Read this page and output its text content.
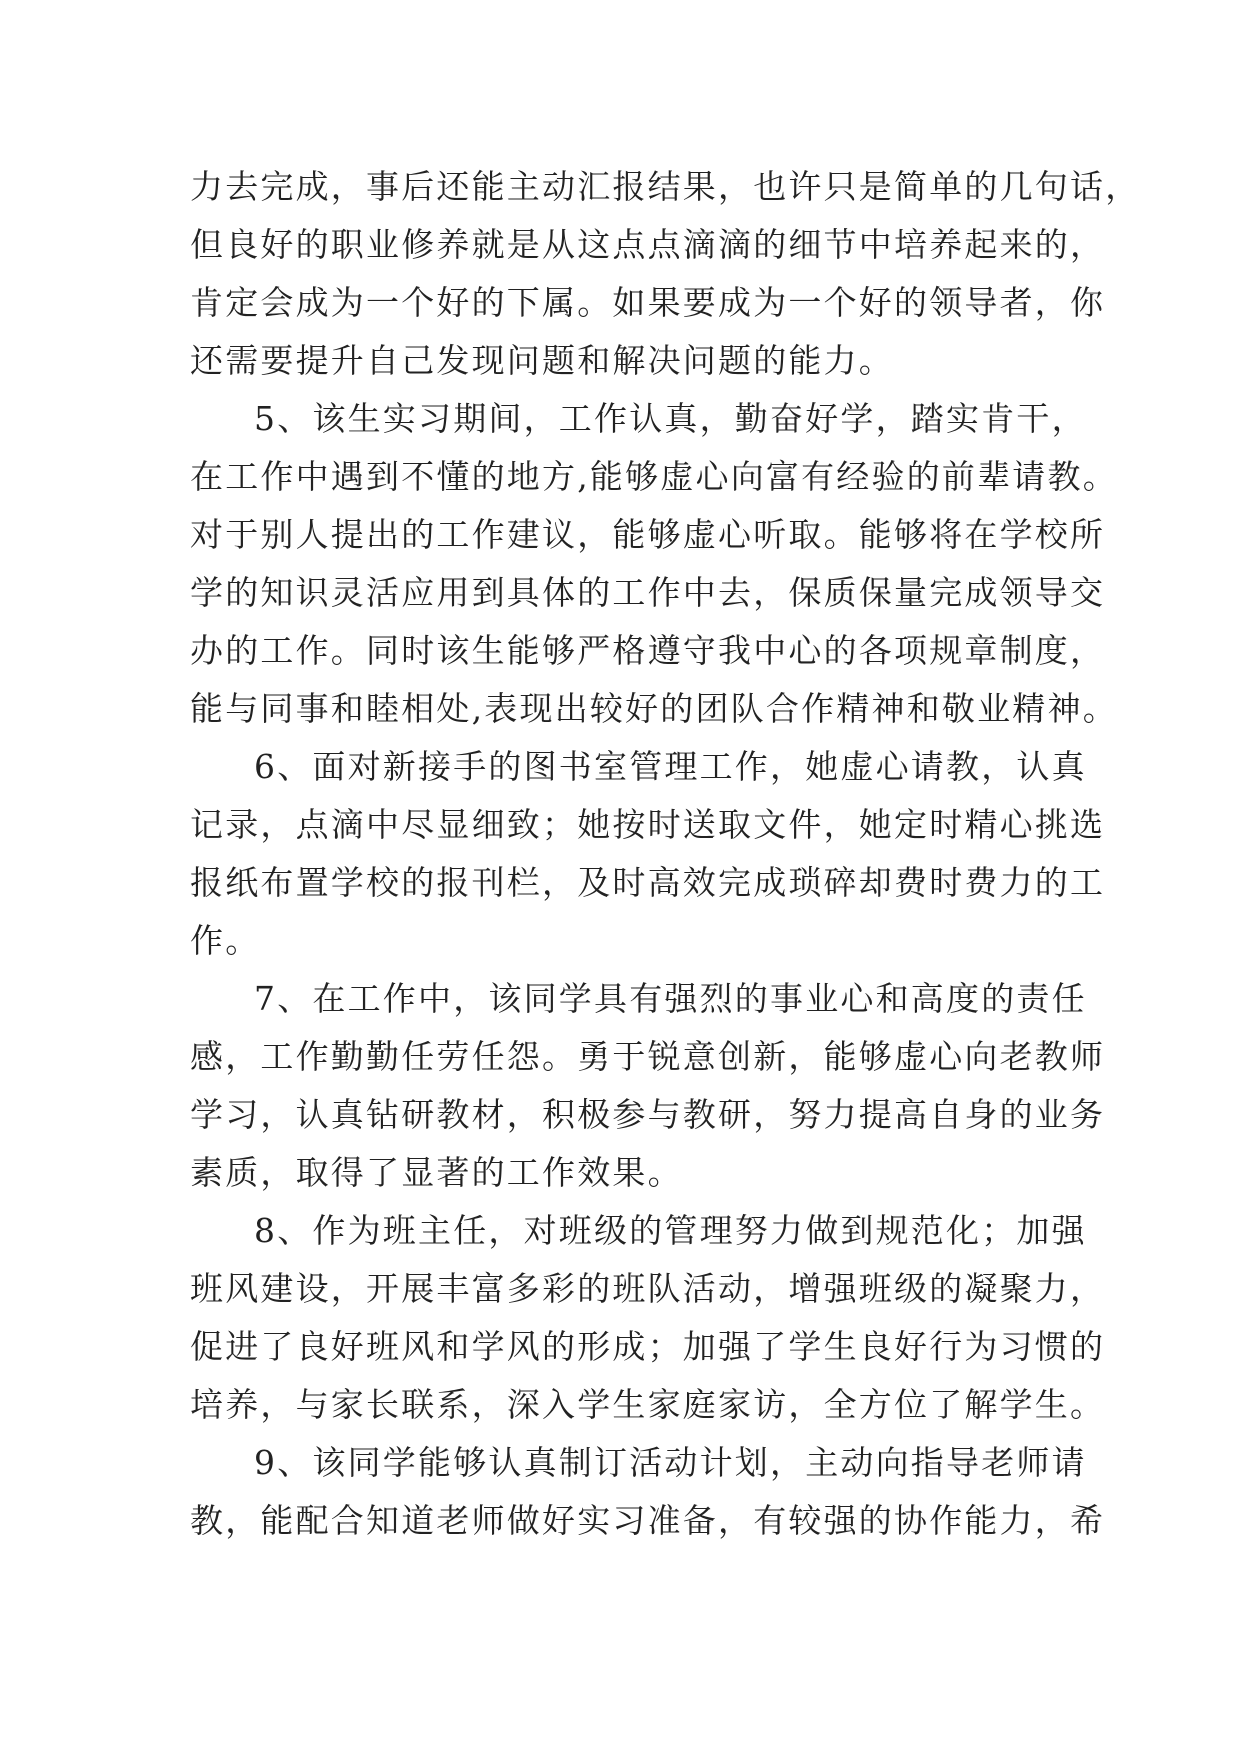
力去完成，事后还能主动汇报结果，也许只是简单的几句话，
但良好的职业修养就是从这点点滴滴的细节中培养起来的，
肯定会成为一个好的下属。如果要成为一个好的领导者，你
还需要提升自己发现问题和解决问题的能力。
5、该生实习期间，工作认真，勤奋好学，踏实肯干，
在工作中遇到不懂的地方,能够虚心向富有经验的前辈请教。
对于别人提出的工作建议，能够虚心听取。能够将在学校所
学的知识灵活应用到具体的工作中去，保质保量完成领导交
办的工作。同时该生能够严格遵守我中心的各项规章制度，
能与同事和睦相处,表现出较好的团队合作精神和敬业精神。
6、面对新接手的图书室管理工作，她虚心请教，认真
记录，点滴中尽显细致；她按时送取文件，她定时精心挑选
报纸布置学校的报刊栏，及时高效完成琐碎却费时费力的工
作。
7、在工作中，该同学具有强烈的事业心和高度的责任
感，工作勤勤任劳任怨。勇于锐意创新，能够虚心向老教师
学习，认真钻研教材，积极参与教研，努力提高自身的业务
素质，取得了显著的工作效果。
8、作为班主任，对班级的管理努力做到规范化；加强
班风建设，开展丰富多彩的班队活动，增强班级的凝聚力，
促进了良好班风和学风的形成；加强了学生良好行为习惯的
培养，与家长联系，深入学生家庭家访，全方位了解学生。
9、该同学能够认真制订活动计划，主动向指导老师请
教，能配合知道老师做好实习准备，有较强的协作能力，希
